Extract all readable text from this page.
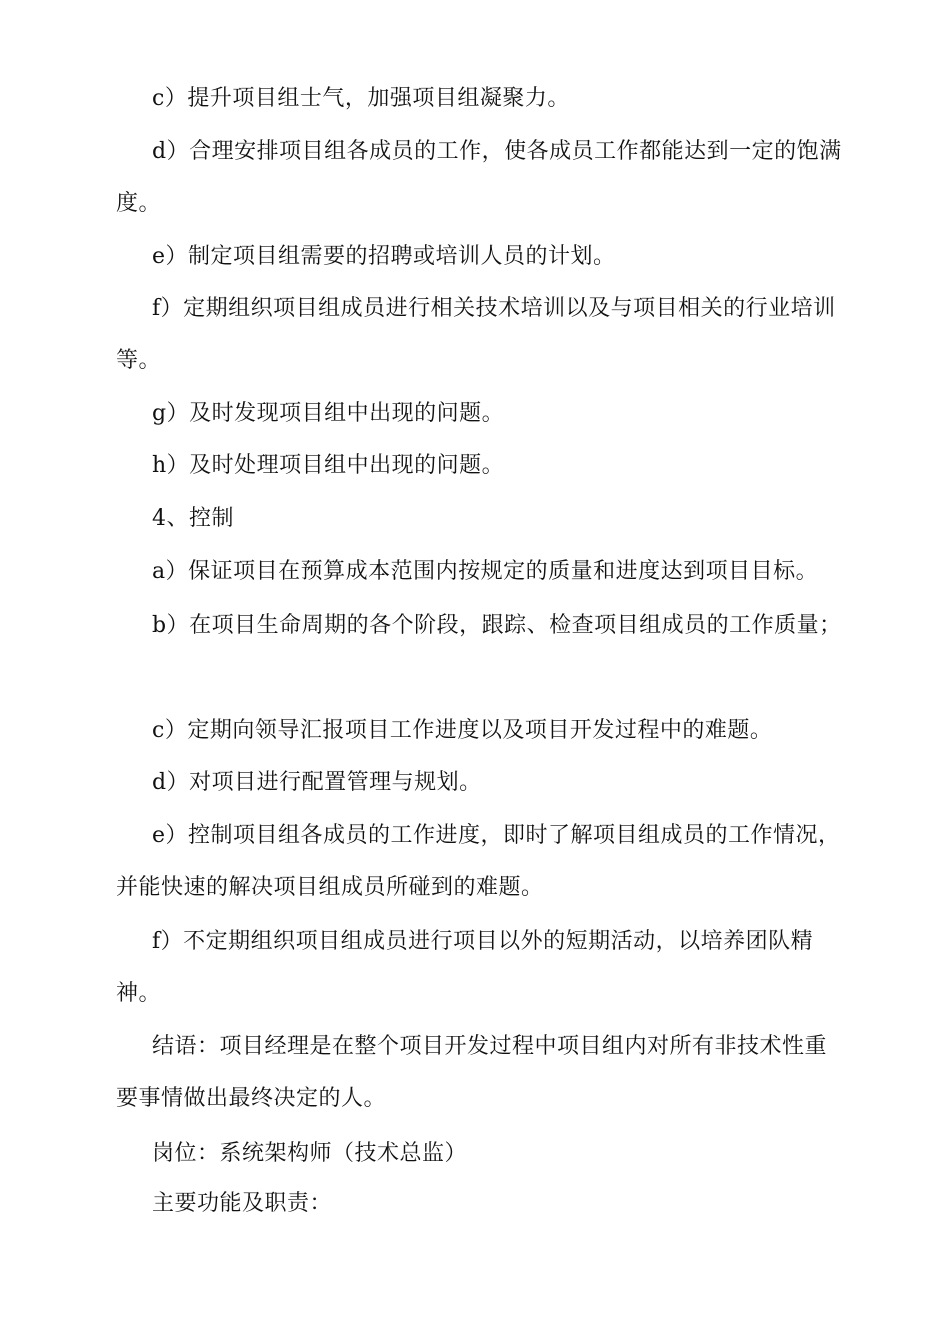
c）提升项目组士气，加强项目组凝聚力。

d）合理安排项目组各成员的工作，使各成员工作都能达到一定的饱满度。

e）制定项目组需要的招聘或培训人员的计划。

f）定期组织项目组成员进行相关技术培训以及与项目相关的行业培训等。

g）及时发现项目组中出现的问题。

h）及时处理项目组中出现的问题。

4、控制

a）保证项目在预算成本范围内按规定的质量和进度达到项目目标。

b）在项目生命周期的各个阶段，跟踪、检查项目组成员的工作质量；

c）定期向领导汇报项目工作进度以及项目开发过程中的难题。

d）对项目进行配置管理与规划。

e）控制项目组各成员的工作进度，即时了解项目组成员的工作情况，并能快速的解决项目组成员所碰到的难题。

f）不定期组织项目组成员进行项目以外的短期活动，以培养团队精神。

结语：项目经理是在整个项目开发过程中项目组内对所有非技术性重要事情做出最终决定的人。

岗位：系统架构师（技术总监）

主要功能及职责：
